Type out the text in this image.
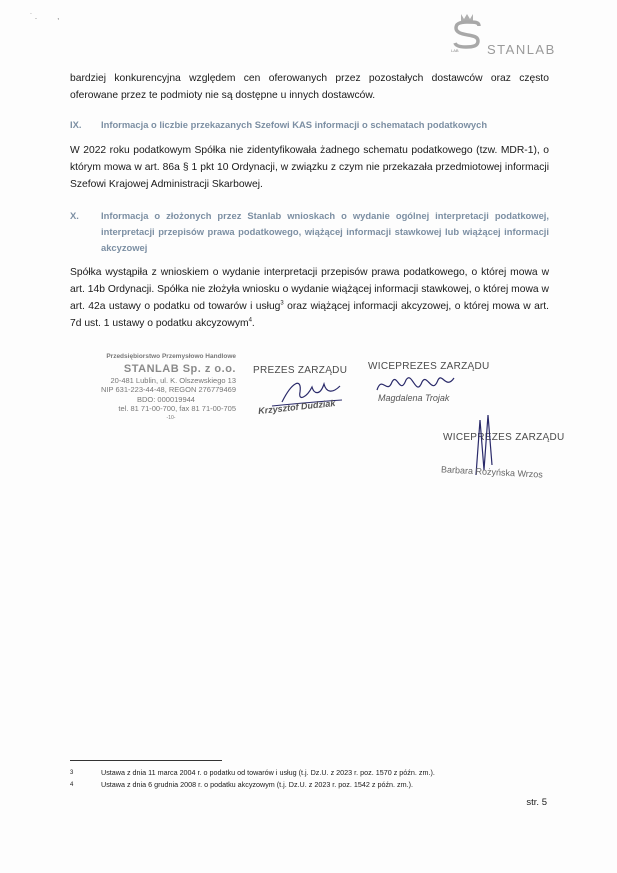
˙ .         ,
LAB STANLAB

bardziej konkurencyjna względem cen oferowanych przez pozostałych dostawców oraz często oferowane przez te podmioty nie są dostępne u innych dostawców.

IX. Informacja o liczbie przekazanych Szefowi KAS informacji o schematach podatkowych

W 2022 roku podatkowym Spółka nie zidentyfikowała żadnego schematu podatkowego (tzw. MDR-1), o którym mowa w art. 86a § 1 pkt 10 Ordynacji, w związku z czym nie przekazała przedmiotowej informacji Szefowi Krajowej Administracji Skarbowej.

X. Informacja o złożonych przez Stanlab wnioskach o wydanie ogólnej interpretacji podatkowej, interpretacji przepisów prawa podatkowego, wiążącej informacji stawkowej lub wiążącej informacji akcyzowej

Spółka wystąpiła z wnioskiem o wydanie interpretacji przepisów prawa podatkowego, o której mowa w art. 14b Ordynacji. Spółka nie złożyła wniosku o wydanie wiążącej informacji stawkowej, o której mowa w art. 42a ustawy o podatku od towarów i usług$^3$ oraz wiążącej informacji akcyzowej, o której mowa w art. 7d ust. 1 ustawy o podatku akcyzowym$^4$.

Przedsiębiorstwo Przemysłowo Handlowe
STANLAB Sp. z o.o.
20-481 Lublin, ul. K. Olszewskiego 13
NIP 631-223-44-48, REGON 276779469
BDO: 000019944
tel. 81 71-00-700, fax 81 71-00-705
-10-
PREZES ZARZĄDU
Krzysztof Dudziak
WICEPREZES ZARZĄDU
Magdalena Trojak
WICEPREZES ZARZĄDU
Barbara Rożyńska Wrzos
3	Ustawa z dnia 11 marca 2004 r. o podatku od towarów i usług (t.j. Dz.U. z 2023 r. poz. 1570 z późn. zm.).
4	Ustawa z dnia 6 grudnia 2008 r. o podatku akcyzowym (t.j. Dz.U. z 2023 r. poz. 1542 z późn. zm.).
str. 5
